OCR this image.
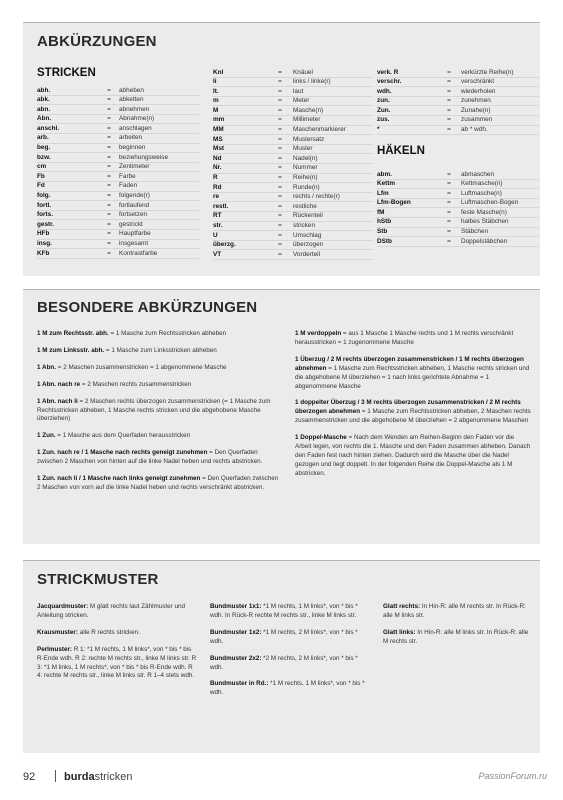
ABKÜRZUNGEN
STRICKEN
HÄKELN
abh.	=	abheben
abk.	=	abketten
abn.	=	abnehmen
Abn.	=	Abnahme(n)
anschl.	=	anschlagen
arb.	=	arbeiten
beg.	=	beginnen
bzw.	=	beziehungsweise
cm	=	Zentimeter
Fb	=	Farbe
Fd	=	Faden
folg.	=	folgende(r)
fortl.	=	fortlaufend
forts.	=	fortsetzen
gestr.	=	gestrickt
HFb	=	Hauptfarbe
insg.	=	insgesamt
KFb	=	Kontrastfarbe
Knl	=	Knäuel
li	=	links / linke(r)
lt.	=	laut
m	=	Meter
M	=	Masche(n)
mm	=	Millimeter
MM	=	Maschenmarkierer
MS	=	Mustersatz
Mst	=	Muster
Nd	=	Nadel(n)
Nr.	=	Nummer
R	=	Reihe(n)
Rd	=	Runde(n)
re	=	rechts / rechte(r)
restl.	=	restliche
RT	=	Rückenteil
str.	=	stricken
U	=	Umschlag
überzg.	=	überzogen
VT	=	Vorderteil
verk. R	=	verkürzte Reihe(n)
verschr.	=	verschränkt
wdh.	=	wiederholen
zun.	=	zunehmen
Zun.	=	Zunahe(n)
zus.	=	zusammen
*	=	ab * wdh.
abm.	=	abmaschen
Kettm	=	Kettmasche(n)
Lfm	=	Luftmasche(n)
Lfm-Bogen	=	Luftmaschen-Bogen
fM	=	feste Masche(n)
hStb	=	halbes Stäbchen
Stb	=	Stäbchen
DStb	=	Doppelstäbchen
BESONDERE ABKÜRZUNGEN
1 M zum Rechtsstr. abh. = 1 Masche zum Rechtsstricken abheben
1 M zum Linksstr. abh. = 1 Masche zum Linksstricken abheben
1 Abn. = 2 Maschen zusammenstricken = 1 abgenommene Masche
1 Abn. nach re = 2 Maschen rechts zusammenstricken
1 Abn. nach li = 2 Maschen rechts überzogen zusammenstricken (= 1 Masche zum Rechtsstricken abheben, 1 Masche rechts stricken und die abgehobene Masche überziehen)
1 Zun. = 1 Masche aus dem Querfaden herausstricken
1 Zun. nach re / 1 Masche nach rechts geneigt zunehmen = Den Querfaden zwischen 2 Maschen von hinten auf die linke Nadel heben und rechts abstricken.
1 Zun. nach li / 1 Masche nach links geneigt zunehmen = Den Querfaden zwischen 2 Maschen von vorn auf die linke Nadel heben und rechts verschränkt abstricken.
1 M verdoppeln = aus 1 Masche 1 Masche rechts und 1 M rechts verschränkt herausstricken = 1 zugenommene Masche
1 Überzug / 2 M rechts überzogen zusammenstricken / 1 M rechts überzogen abnehmen = 1 Masche zum Rechtsstricken abheben, 1 Masche rechts stricken und die abgehobene M überziehen = 1 nach links gerichtete Abnahme = 1 abgenommene Masche
1 doppelter Überzug / 3 M rechts überzogen zusammenstricken / 2 M rechts überzogen abnehmen = 1 Masche zum Rechtsstricken abheben, 2 Maschen rechts zusammenstricken und die abgehobene M überziehen = 2 abgenommene Maschen
1 Doppel-Masche = Nach dem Wenden am Reihen-Beginn den Faden vor die Arbeit legen, von rechts die 1. Masche und den Faden zusammen abheben. Danach den Faden fest nach hinten ziehen. Dadurch wird die Masche über die Nadel gezogen und liegt doppelt. In der folgenden Reihe die Doppel-Masche als 1 M abstricken.
STRICKMUSTER
Jacquardmuster: M glatt rechts laut Zählmuster und Anleitung stricken.
Krausmuster: alle R rechts stricken.
Perlmuster: R 1: *1 M rechts, 1 M links*, von * bis * bis R-Ende wdh. R 2: rechte M rechts str., linke M links str. R 3: *1 M links, 1 M rechts*, von * bis * bis R-Ende wdh. R 4: rechte M rechts str., linke M links str. R 1–4 stets wdh.
Bundmuster 1x1: *1 M rechts, 1 M links*, von * bis * wdh. In Rück-R rechte M rechts str., linke M links str.
Bundmuster 1x2: *1 M rechts, 2 M links*, von * bis * wdh.
Bundmuster 2x2: *2 M rechts, 2 M links*, von * bis * wdh.
Bundmuster in Rd.: *1 M rechts, 1 M links*, von * bis * wdh.
Glatt rechts: In Hin-R: alle M rechts str. In Rück-R: alle M links str.
Glatt links: In Hin-R: alle M links str. In Rück-R: alle M rechts str.
92	burdastricken	PassionForum.ru
